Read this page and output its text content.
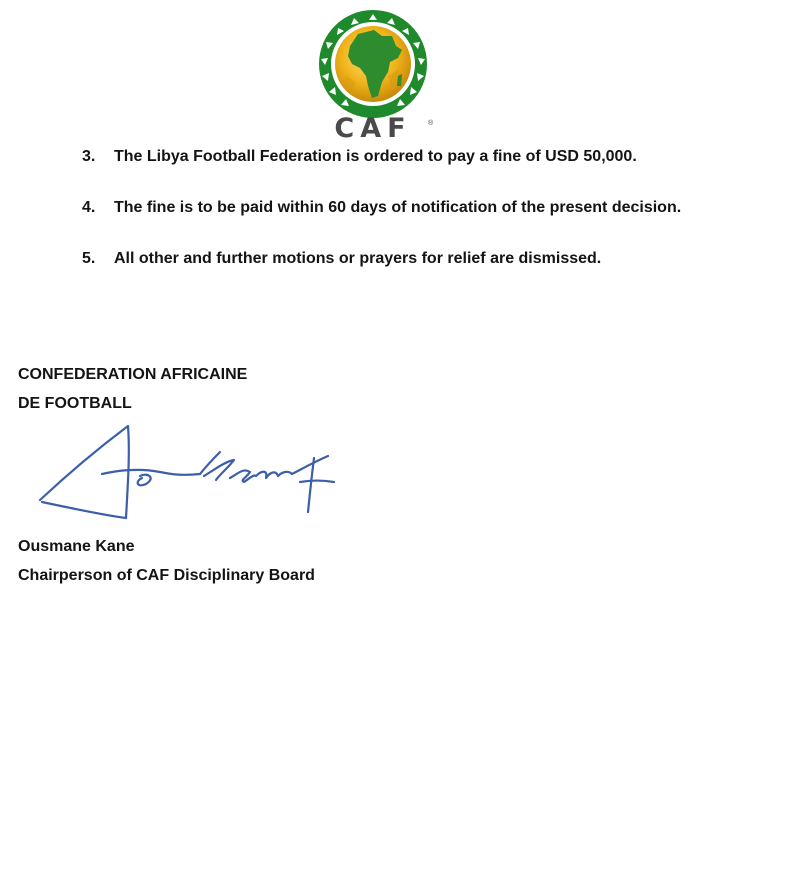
CAF	®
3.	The Libya Football Federation is ordered to pay a fine of USD 50,000.
4.	The fine is to be paid within 60 days of notification of the present decision.
5.	All other and further motions or prayers for relief are dismissed.
CONFEDERATION AFRICAINE
DE FOOTBALL
Ousmane Kane
Chairperson of CAF Disciplinary Board
